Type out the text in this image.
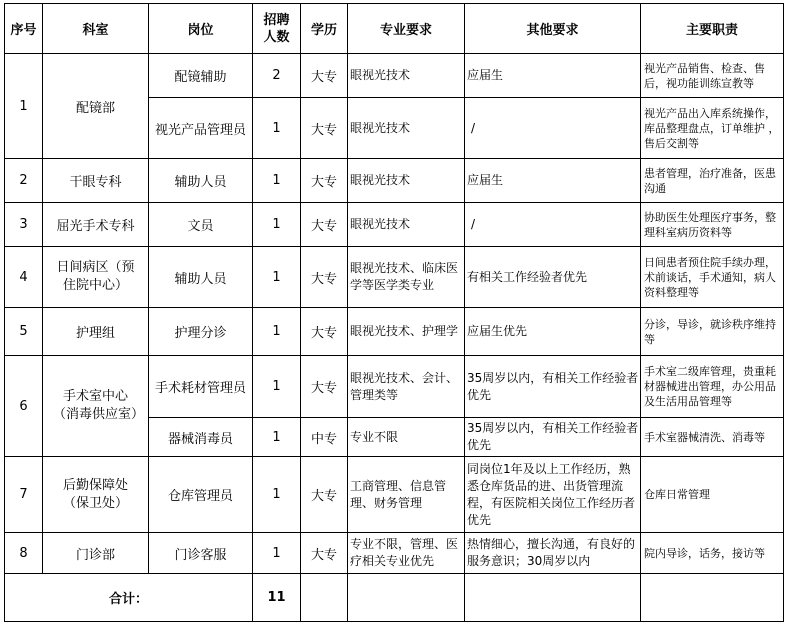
序号	科室	岗位	招聘人数	学历	专业要求	其他要求	主要职责
1	配镜部	配镜辅助	2	大专	眼视光技术	应届生	视光产品销售、检查、售后，视功能训练宣教等
		视光产品管理员	1	大专	眼视光技术	/	视光产品出入库系统操作，库品整理盘点，订单维护 ，售后交割等
2	干眼专科	辅助人员	1	大专	眼视光技术	应届生	患者管理，治疗准备，医患沟通
3	屈光手术专科	文员	1	大专	眼视光技术	/	协助医生处理医疗事务，整理科室病历资料等
4	日间病区（预住院中心）	辅助人员	1	大专	眼视光技术、临床医学等医学类专业	有相关工作经验者优先	日间患者预住院手续办理，术前谈话，手术通知，病人资料整理等
5	护理组	护理分诊	1	大专	眼视光技术、护理学	应届生优先	分诊，导诊，就诊秩序维持等
6	手术室中心（消毒供应室）	手术耗材管理员	1	大专	眼视光技术、会计、管理类等	35周岁以内，有相关工作经验者优先	手术室二级库管理，贵重耗材器械进出管理，办公用品及生活用品管理等
		器械消毒员	1	中专	专业不限	35周岁以内，有相关工作经验者优先	手术室器械清洗、消毒等
7	后勤保障处（保卫处）	仓库管理员	1	大专	工商管理、信息管理、财务管理	同岗位1年及以上工作经历，熟悉仓库货品的进、出货管理流程，有医院相关岗位工作经历者优先	仓库日常管理
8	门诊部	门诊客服	1	大专	专业不限，管理、医疗相关专业优先	热情细心，擅长沟通，有良好的服务意识；30周岁以内	院内导诊，话务，接访等
合计：			11				
